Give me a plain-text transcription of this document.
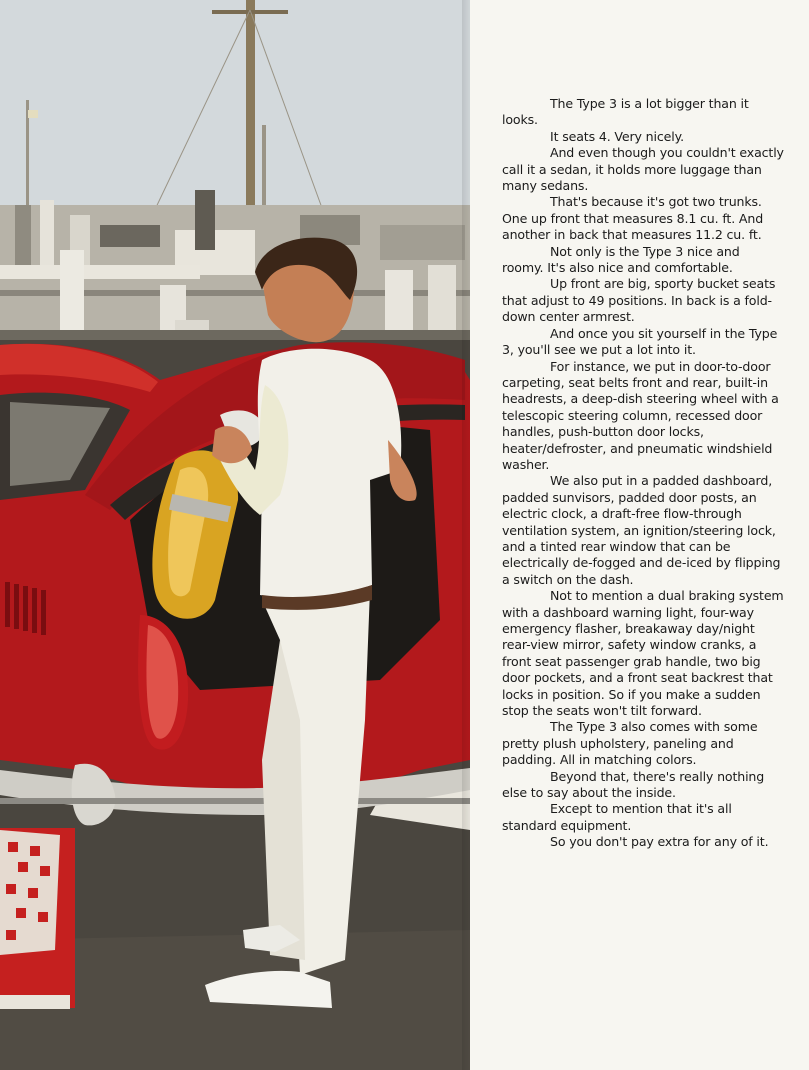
The Type 3 is a lot bigger than it looks.

It seats 4. Very nicely.

And even though you couldn't exactly call it a sedan, it holds more luggage than many sedans.

That's because it's got two trunks. One up front that measures 8.1 cu. ft. And another in back that measures 11.2 cu. ft.

Not only is the Type 3 nice and roomy. It's also nice and comfortable.

Up front are big, sporty bucket seats that adjust to 49 positions. In back is a fold-down center armrest.

And once you sit yourself in the Type 3, you'll see we put a lot into it.

For instance, we put in door-to-door carpeting, seat belts front and rear, built-in headrests, a deep-dish steering wheel with a telescopic steering column, recessed door handles, push-button door locks, heater/defroster, and pneumatic windshield washer.

We also put in a padded dashboard, padded sunvisors, padded door posts, an electric clock, a draft-free flow-through ventilation system, an ignition/steering lock, and a tinted rear window that can be electrically de-fogged and de-iced by flipping a switch on the dash.

Not to mention a dual braking system with a dashboard warning light, four-way emergency flasher, breakaway day/night rear-view mirror, safety window cranks, a front seat passenger grab handle, two big door pockets, and a front seat backrest that locks in position. So if you make a sudden stop the seats won't tilt forward.

The Type 3 also comes with some pretty plush upholstery, paneling and padding. All in matching colors.

Beyond that, there's really nothing else to say about the inside.

Except to mention that it's all standard equipment.

So you don't pay extra for any of it.
